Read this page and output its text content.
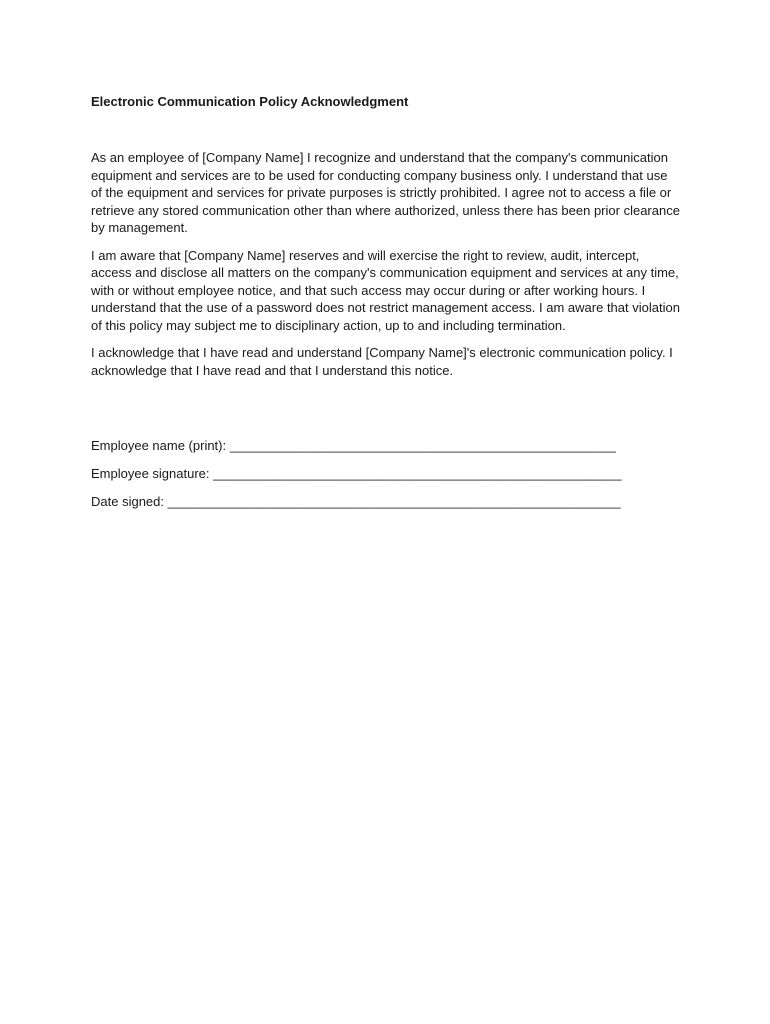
Electronic Communication Policy Acknowledgment

As an employee of [Company Name] I recognize and understand that the company's communication equipment and services are to be used for conducting company business only. I understand that use of the equipment and services for private purposes is strictly prohibited. I agree not to access a file or retrieve any stored communication other than where authorized, unless there has been prior clearance by management.

I am aware that [Company Name] reserves and will exercise the right to review, audit, intercept, access and disclose all matters on the company's communication equipment and services at any time, with or without employee notice, and that such access may occur during or after working hours. I understand that the use of a password does not restrict management access. I am aware that violation of this policy may subject me to disciplinary action, up to and including termination.

I acknowledge that I have read and understand [Company Name]'s electronic communication policy. I acknowledge that I have read and that I understand this notice.

Employee name (print): ____________________________________________________
Employee signature: _______________________________________________________
Date signed: _____________________________________________________________
